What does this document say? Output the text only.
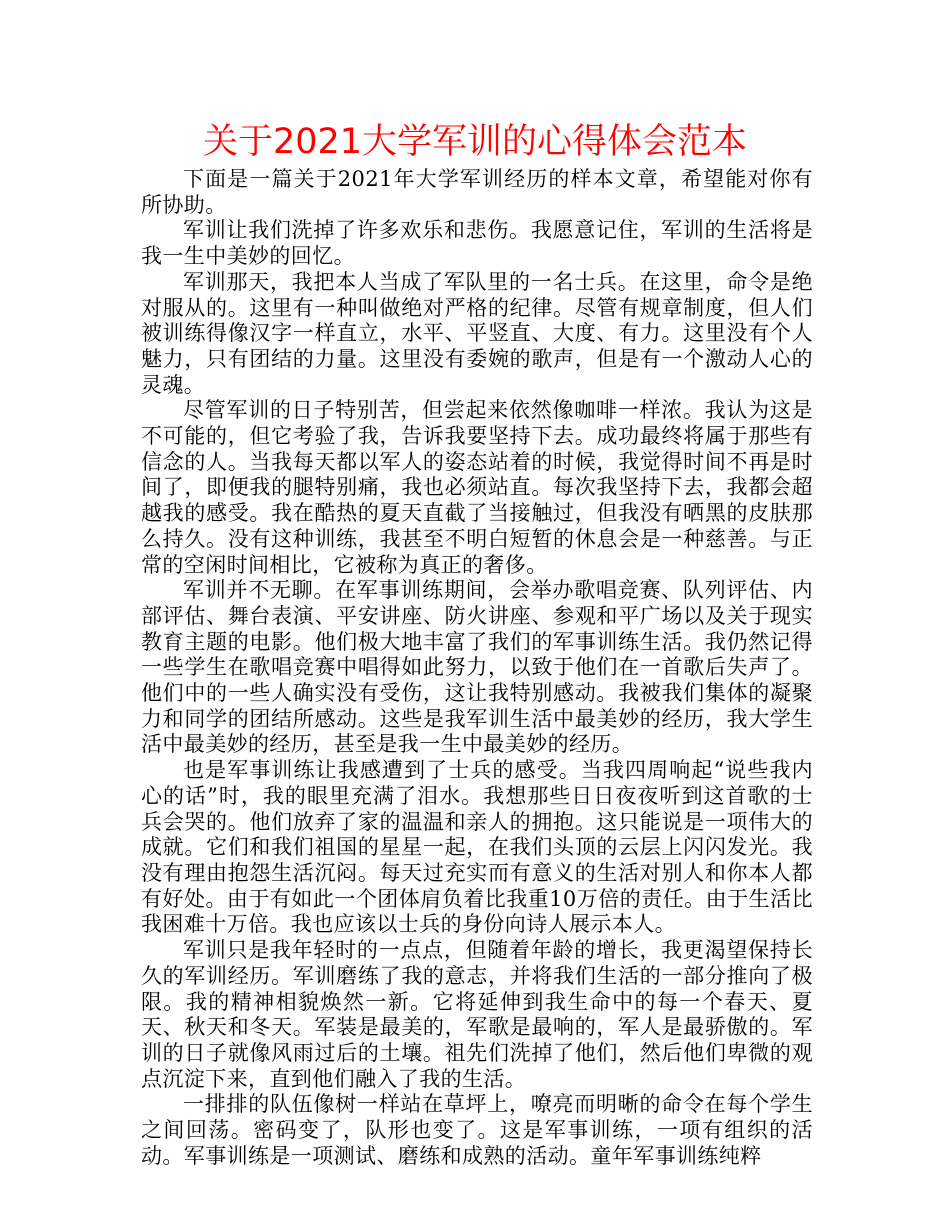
关于2021大学军训的心得体会范本

下面是一篇关于2021年大学军训经历的样本文章，希望能对你有所协助。

军训让我们洗掉了许多欢乐和悲伤。我愿意记住，军训的生活将是我一生中美妙的回忆。

军训那天，我把本人当成了军队里的一名士兵。在这里，命令是绝对服从的。这里有一种叫做绝对严格的纪律。尽管有规章制度，但人们被训练得像汉字一样直立，水平、平竖直、大度、有力。这里没有个人魅力，只有团结的力量。这里没有委婉的歌声，但是有一个激动人心的灵魂。

尽管军训的日子特别苦，但尝起来依然像咖啡一样浓。我认为这是不可能的，但它考验了我，告诉我要坚持下去。成功最终将属于那些有信念的人。当我每天都以军人的姿态站着的时候，我觉得时间不再是时间了，即便我的腿特别痛，我也必须站直。每次我坚持下去，我都会超越我的感受。我在酷热的夏天直截了当接触过，但我没有晒黑的皮肤那么持久。没有这种训练，我甚至不明白短暂的休息会是一种慈善。与正常的空闲时间相比，它被称为真正的奢侈。

军训并不无聊。在军事训练期间，会举办歌唱竞赛、队列评估、内部评估、舞台表演、平安讲座、防火讲座、参观和平广场以及关于现实教育主题的电影。他们极大地丰富了我们的军事训练生活。我仍然记得一些学生在歌唱竞赛中唱得如此努力，以致于他们在一首歌后失声了。他们中的一些人确实没有受伤，这让我特别感动。我被我们集体的凝聚力和同学的团结所感动。这些是我军训生活中最美妙的经历，我大学生活中最美妙的经历，甚至是我一生中最美妙的经历。

也是军事训练让我感遭到了士兵的感受。当我四周响起“说些我内心的话”时，我的眼里充满了泪水。我想那些日日夜夜听到这首歌的士兵会哭的。他们放弃了家的温温和亲人的拥抱。这只能说是一项伟大的成就。它们和我们祖国的星星一起，在我们头顶的云层上闪闪发光。我没有理由抱怨生活沉闷。每天过充实而有意义的生活对别人和你本人都有好处。由于有如此一个团体肩负着比我重10万倍的责任。由于生活比我困难十万倍。我也应该以士兵的身份向诗人展示本人。

军训只是我年轻时的一点点，但随着年龄的增长，我更渴望保持长久的军训经历。军训磨练了我的意志，并将我们生活的一部分推向了极限。我的精神相貌焕然一新。它将延伸到我生命中的每一个春天、夏天、秋天和冬天。军装是最美的，军歌是最响的，军人是最骄傲的。军训的日子就像风雨过后的土壤。祖先们洗掉了他们，然后他们卑微的观点沉淀下来，直到他们融入了我的生活。

一排排的队伍像树一样站在草坪上，嘹亮而明晰的命令在每个学生之间回荡。密码变了，队形也变了。这是军事训练，一项有组织的活动。军事训练是一项测试、磨练和成熟的活动。童年军事训练纯粹
